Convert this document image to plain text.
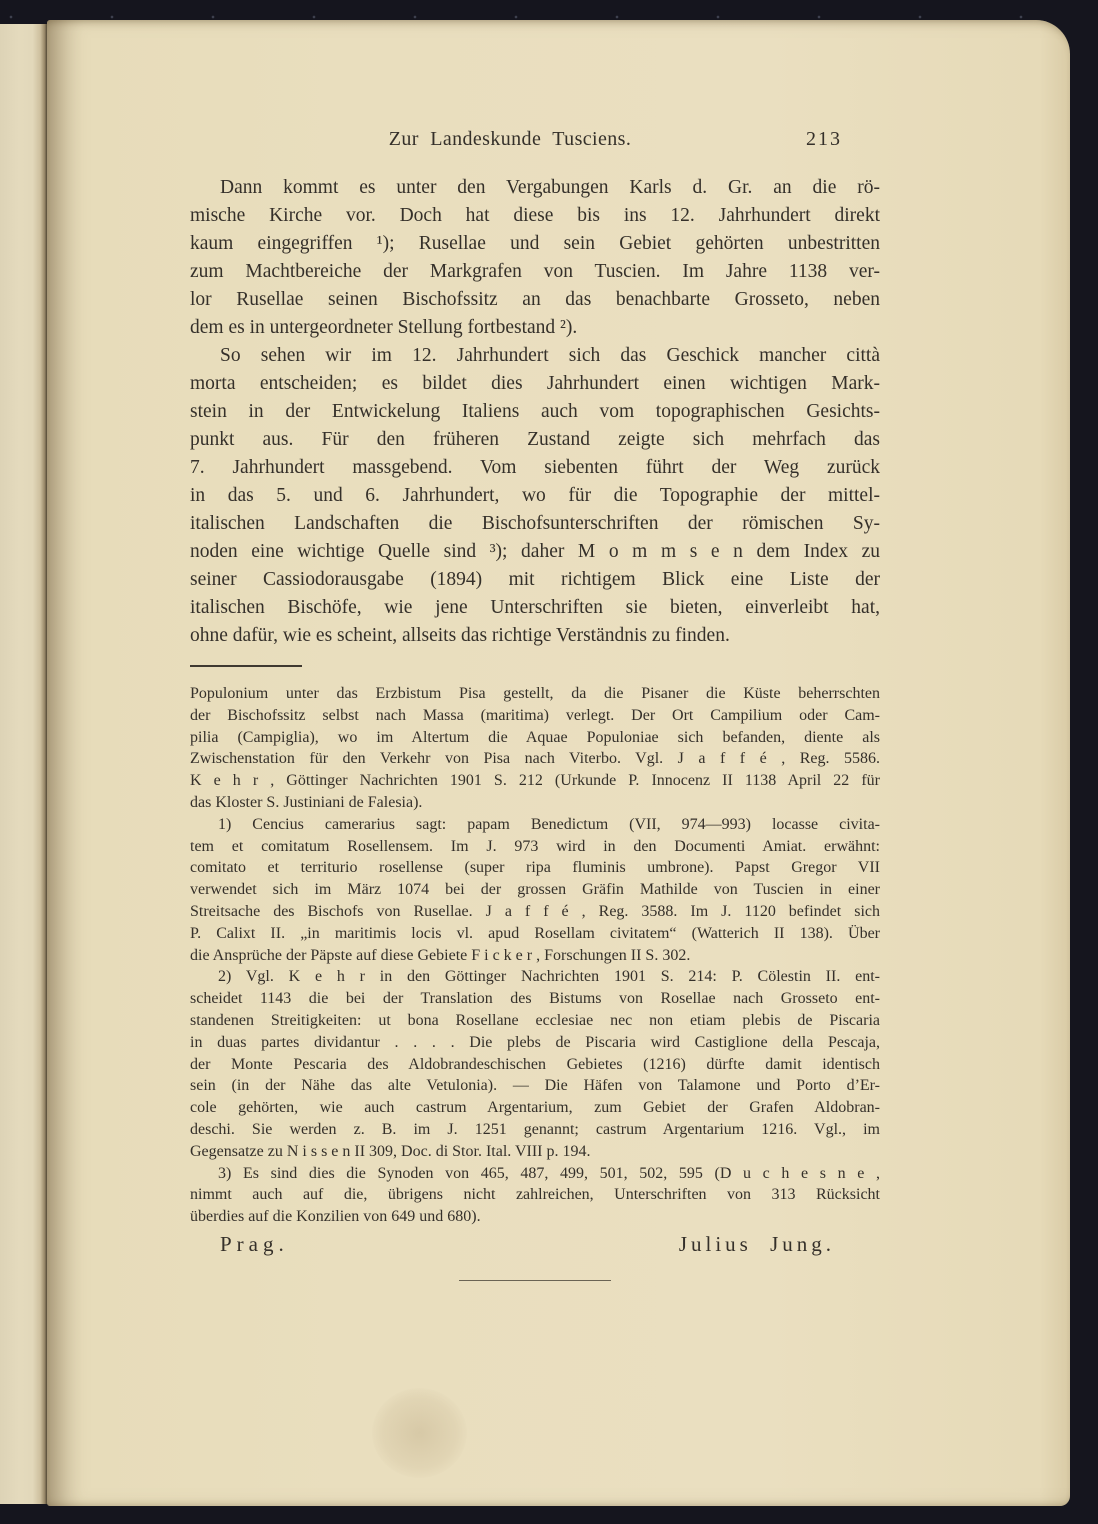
Zur Landeskunde Tusciens.	213
Dann kommt es unter den Vergabungen Karls d. Gr. an die rö-
mische Kirche vor. Doch hat diese bis ins 12. Jahrhundert direkt
kaum eingegriffen ¹); Rusellae und sein Gebiet gehörten unbestritten
zum Machtbereiche der Markgrafen von Tuscien. Im Jahre 1138 ver-
lor Rusellae seinen Bischofssitz an das benachbarte Grosseto, neben
dem es in untergeordneter Stellung fortbestand ²).
So sehen wir im 12. Jahrhundert sich das Geschick mancher città
morta entscheiden; es bildet dies Jahrhundert einen wichtigen Mark-
stein in der Entwickelung Italiens auch vom topographischen Gesichts-
punkt aus. Für den früheren Zustand zeigte sich mehrfach das
7. Jahrhundert massgebend. Vom siebenten führt der Weg zurück
in das 5. und 6. Jahrhundert, wo für die Topographie der mittel-
italischen Landschaften die Bischofsunterschriften der römischen Sy-
noden eine wichtige Quelle sind ³); daher M o m m s e n dem Index zu
seiner Cassiodorausgabe (1894) mit richtigem Blick eine Liste der
italischen Bischöfe, wie jene Unterschriften sie bieten, einverleibt hat,
ohne dafür, wie es scheint, allseits das richtige Verständnis zu finden.
Populonium unter das Erzbistum Pisa gestellt, da die Pisaner die Küste beherrschten
der Bischofssitz selbst nach Massa (maritima) verlegt. Der Ort Campilium oder Cam-
pilia (Campiglia), wo im Altertum die Aquae Populoniae sich befanden, diente als
Zwischenstation für den Verkehr von Pisa nach Viterbo. Vgl. J a f f é , Reg. 5586.
K e h r , Göttinger Nachrichten 1901 S. 212 (Urkunde P. Innocenz II 1138 April 22 für
das Kloster S. Justiniani de Falesia).
1) Cencius camerarius sagt: papam Benedictum (VII, 974—993) locasse civita-
tem et comitatum Rosellensem. Im J. 973 wird in den Documenti Amiat. erwähnt:
comitato et territurio rosellense (super ripa fluminis umbrone). Papst Gregor VII
verwendet sich im März 1074 bei der grossen Gräfin Mathilde von Tuscien in einer
Streitsache des Bischofs von Rusellae. J a f f é , Reg. 3588. Im J. 1120 befindet sich
P. Calixt II. „in maritimis locis vl. apud Rosellam civitatem“ (Watterich II 138). Über
die Ansprüche der Päpste auf diese Gebiete F i c k e r , Forschungen II S. 302.
2) Vgl. K e h r in den Göttinger Nachrichten 1901 S. 214: P. Cölestin II. ent-
scheidet 1143 die bei der Translation des Bistums von Rosellae nach Grosseto ent-
standenen Streitigkeiten: ut bona Rosellane ecclesiae nec non etiam plebis de Piscaria
in duas partes dividantur . . . . Die plebs de Piscaria wird Castiglione della Pescaja,
der Monte Pescaria des Aldobrandeschischen Gebietes (1216) dürfte damit identisch
sein (in der Nähe das alte Vetulonia). — Die Häfen von Talamone und Porto d’Er-
cole gehörten, wie auch castrum Argentarium, zum Gebiet der Grafen Aldobran-
deschi. Sie werden z. B. im J. 1251 genannt; castrum Argentarium 1216. Vgl., im
Gegensatze zu N i s s e n II 309, Doc. di Stor. Ital. VIII p. 194.
3) Es sind dies die Synoden von 465, 487, 499, 501, 502, 595 (D u c h e s n e ,
nimmt auch auf die, übrigens nicht zahlreichen, Unterschriften von 313 Rücksicht
überdies auf die Konzilien von 649 und 680).
Prag.	Julius Jung.
